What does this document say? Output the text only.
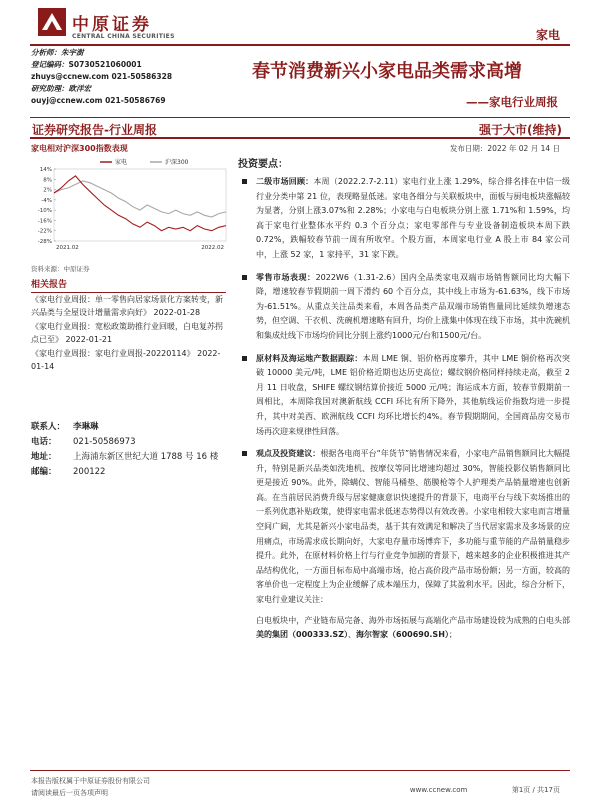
中原证券
CENTRAL CHINA SECURITIES	家电
分析师：朱宇澍
登记编码：S0730521060001
zhuys@ccnew.com 021-50586328
研究助理：欧洋宏
ouyj@ccnew.com 021-50586769
春节消费新兴小家电品类需求高增
——家电行业周报
证券研究报告-行业周报	强于大市(维持)
家电相对沪深300指数表现
14%
8%
2%
-4%
-10%
-16%
-22%
-28%
2021.02	2022.02
家电	沪深300
资料来源：中原证券
相关报告
《家电行业周报：单一零售向居家场景化方案转变，新兴品类与全屋设计增量需求向好》 2022-01-28
《家电行业周报：宽松政策助推行业回暖，白电复苏拐点已至》 2022-01-21
《家电行业周报：家电行业周报-20220114》 2022-01-14
联系人： 李琳琳
电话：	021-50586973
地址：	上海浦东新区世纪大道 1788 号 16 楼
邮编：	200122
发布日期：2022 年 02 月 14 日
投资要点：
二级市场回顾：本周（2022.2.7-2.11）家电行业上涨 1.29%，综合排名排在中信一级行业分类中第 21 位，表现略显低迷。家电各细分与关联板块中，面板与厨电板块涨幅较为显著，分别上涨3.07%和 2.28%；小家电与白电板块分别上涨 1.71%和 1.59%，均高于家电行业整体水平约 0.3 个百分点；家电零部件与专业设备制造板块本周下跌 0.72%，跌幅较春节前一周有所收窄。个股方面，本周家电行业 A 股上市 84 家公司中，上涨 52 家，1 家持平，31 家下跌。
零售市场表现：2022W6（1.31-2.6）国内全品类家电双端市场销售额同比均大幅下降，增速较春节假期前一周下滑约 60 个百分点，其中线上市场为-61.63%，线下市场为-61.51%。从重点关注品类来看，本周各品类产品双端市场销售量同比延续负增速态势，但空调、干衣机、洗碗机增速略有回升，均价上涨集中体现在线下市场，其中洗碗机和集成灶线下市场均价同比分别上涨约1000元/台和1500元/台。
原材料及海运地产数据跟踪：本周 LME 铜、铝价格再度攀升，其中 LME 铜价格再次突破 10000 美元/吨，LME 铝价格近期也达历史高位；螺纹钢价格同样持续走高，截至 2 月 11 日收盘，SHIFE 螺纹钢结算价接近 5000 元/吨；海运成本方面，较春节假期前一周相比，本周除我国对澳新航线 CCFI 环比有所下降外，其他航线运价指数均进一步提升，其中对美西、欧洲航线 CCFI 均环比增长约4%。春节假期期间，全国商品房交易市场再次迎来规律性回落。
观点及投资建议：根据各电商平台“年货节”销售情况来看，小家电产品销售额同比大幅提升，特别是新兴品类如洗地机、按摩仪等同比增速均超过 30%，智能投影仪销售额同比更是接近 90%。此外，除螨仪、智能马桶垫、筋膜枪等个人护理类产品销量增速也创新高。在当前居民消费升级与居家健康意识快速提升的背景下，电商平台与线下卖场推出的一系列优惠补贴政策，使得家电需求低迷态势得以有效改善。小家电相较大家电而言增量空间广阔，尤其是新兴小家电品类，基于其有效满足和解决了当代居家需求及多场景的应用痛点，市场需求成长期向好，大家电存量市场博弈下，多功能与重节能的产品销量稳步提升。此外，在原材料价格上行与行业竞争加剧的背景下，越来越多的企业积极推进其产品结构优化，一方面目标布局中高端市场，抢占高价段产品市场份额；另一方面，较高的客单价也一定程度上为企业缓解了成本端压力，保障了其盈利水平。因此，综合分析下，家电行业建议关注：
白电板块中，产业链布局完备、海外市场拓展与高端化产品市场建设较为成熟的白电头部美的集团（000333.SZ）、海尔智家（600690.SH）；
本报告版权属于中原证券股份有限公司
请阅读最后一页各项声明	www.ccnew.com	第1页 / 共17页
